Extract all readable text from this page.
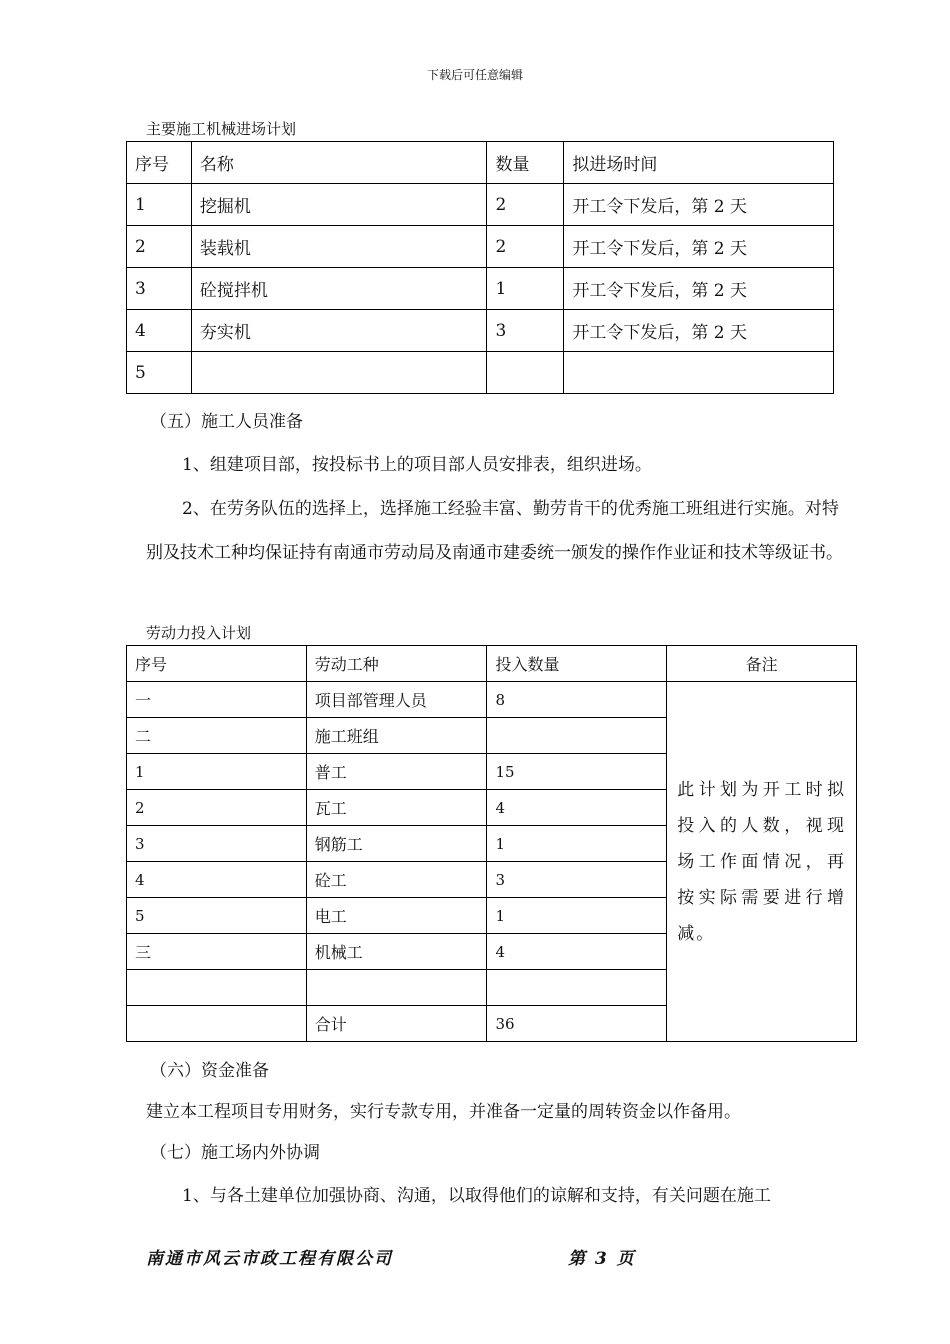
下载后可任意编辑
主要施工机械进场计划
序号	名称	数量	拟进场时间
1	挖掘机	2	开工令下发后，第 2 天
2	装载机	2	开工令下发后，第 2 天
3	砼搅拌机	1	开工令下发后，第 2 天
4	夯实机	3	开工令下发后，第 2 天
5			
（五）施工人员准备
1、组建项目部，按投标书上的项目部人员安排表，组织进场。
2、在劳务队伍的选择上，选择施工经验丰富、勤劳肯干的优秀施工班组进行实施。对特别及技术工种均保证持有南通市劳动局及南通市建委统一颁发的操作作业证和技术等级证书。
劳动力投入计划
序号	劳动工种	投入数量	备注
一	项目部管理人员	8	此计划为开工时拟投入的人数，视现场工作面情况，再按实际需要进行增减。
二	施工班组		
1	普工	15	
2	瓦工	4	
3	钢筋工	1	
4	砼工	3	
5	电工	1	
三	机械工	4	

	合计	36	
（六）资金准备
建立本工程项目专用财务，实行专款专用，并准备一定量的周转资金以作备用。
（七）施工场内外协调
1、与各土建单位加强协商、沟通，以取得他们的谅解和支持，有关问题在施工
南通市风云市政工程有限公司	第 3 页
